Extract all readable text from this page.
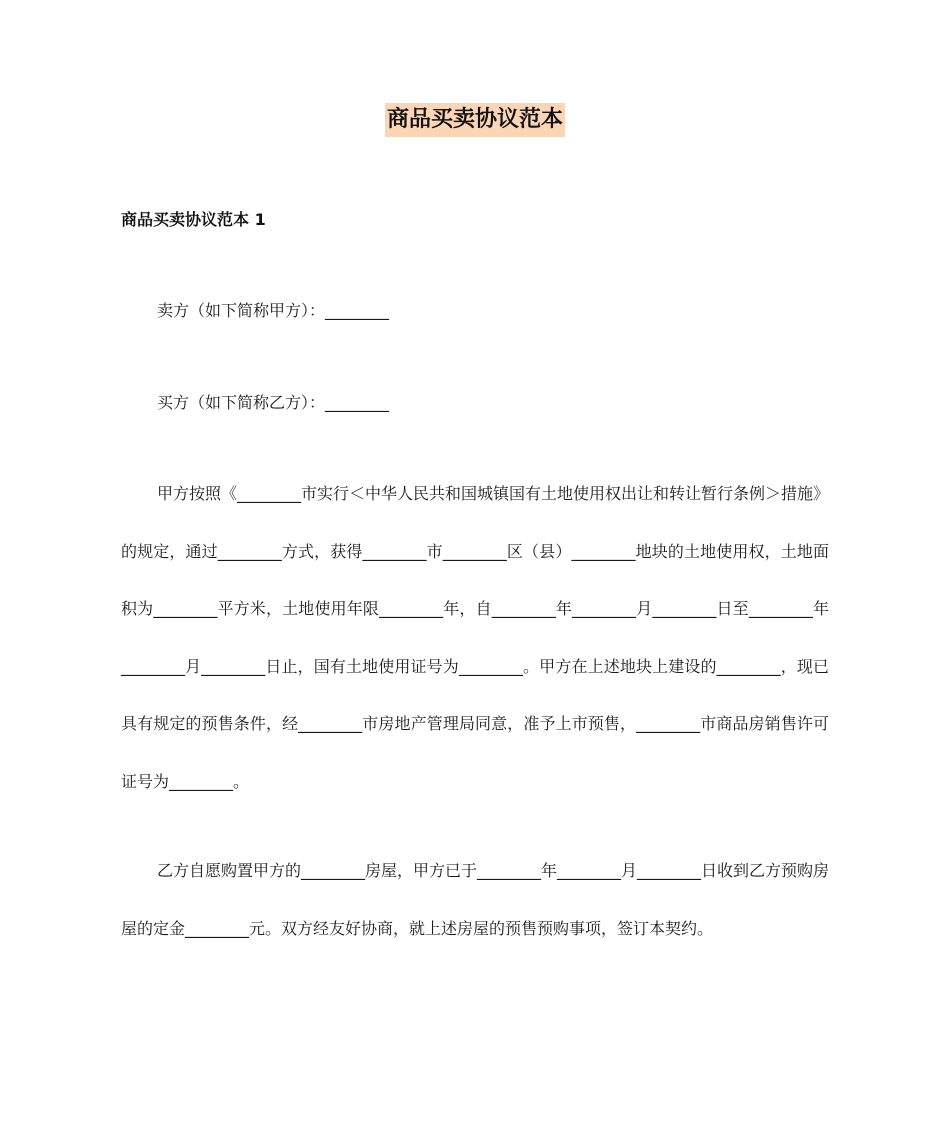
商品买卖协议范本
商品买卖协议范本 1

卖方（如下简称甲方）：________

买方（如下简称乙方）：________

甲方按照《________市实行＜中华人民共和国城镇国有土地使用权出让和转让暂行条例＞措施》的规定，通过________方式，获得________市________区（县）________地块的土地使用权，土地面积为________平方米，土地使用年限________年，自________年________月________日至________年________月________日止，国有土地使用证号为________。甲方在上述地块上建设的________，现已具有规定的预售条件，经________市房地产管理局同意，准予上市预售，________市商品房销售许可证号为________。

乙方自愿购置甲方的________房屋，甲方已于________年________月________日收到乙方预购房屋的定金________元。双方经友好协商，就上述房屋的预售预购事项，签订本契约。
